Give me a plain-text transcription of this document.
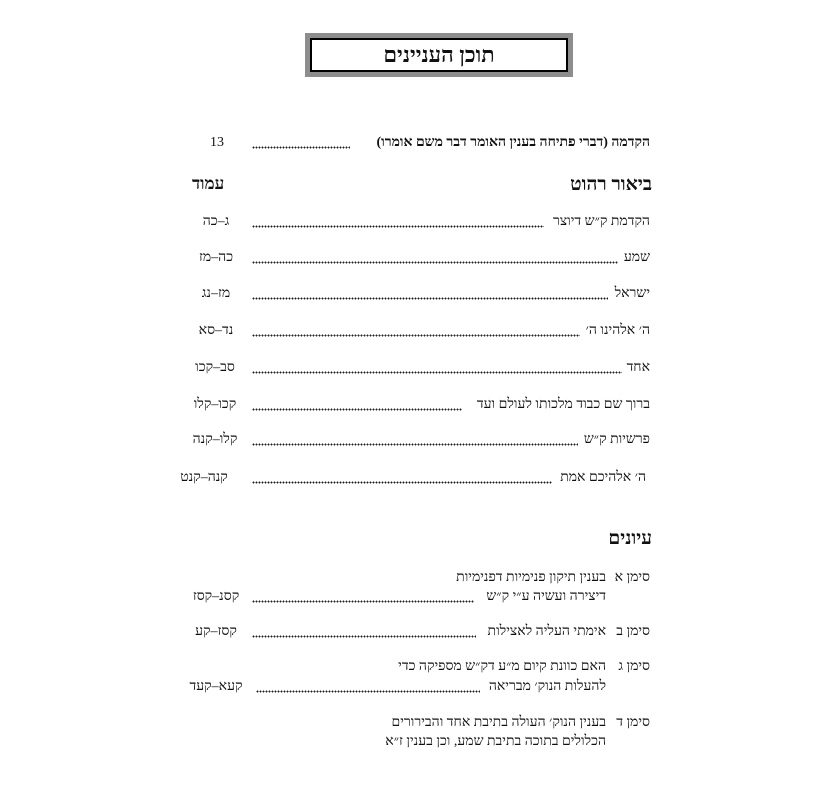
תוכן העניינים
הקדמה (דברי פתיחה בענין האומר דבר משם אומרו)
13
ביאור רהוט
עמוד
הקדמת ק״ש דיוצר
ג–כה
שמע
כה–מז
ישראל
מז–נג
ה׳ אלהינו ה׳
נד–סא
אחד
סב–קכו
ברוך שם כבוד מלכותו לעולם ועד
קכו–קלו
פרשיות ק״ש
קלו–קנה
ה׳ אלהיכם אמת
קנה–קנט
עיונים
סימן א
בענין תיקון פנימיות דפנימיות
דיצירה ועשיה ע״י ק״ש
קסנ–קסז
סימן ב
אימתי העליה לאצילות
קסז–קע
סימן ג
האם כוונת קיום מ״ע דק״ש מספיקה כדי
להעלות הנוק׳ מבריאה
קעא–קעד
סימן ד
בענין הנוק׳ העולה בתיבת אחד והבירורים
הכלולים בתוכה בתיבת שמע, וכן בענין ז״א
